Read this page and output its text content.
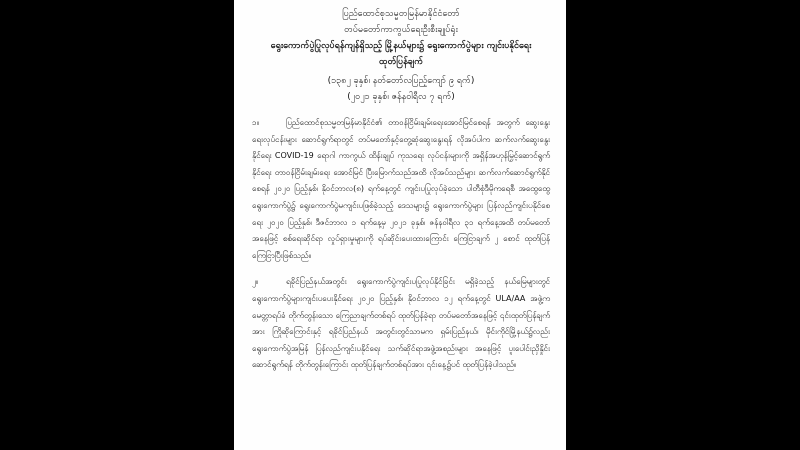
ပြည်ထောင်စုသမ္မတမြန်မာနိုင်ငံတော်

တပ်မတော်ကာကွယ်ရေးဦးစီးချုပ်ရုံး

ရွေးကောက်ပွဲပြုလုပ်ရန်ကျန်ရှိသည့် မြို့နယ်များ၌ ရွေးကောက်ပွဲများ ကျင်းပနိုင်ရေး

ထုတ်ပြန်ချက်

(၁၃၈၂ ခုနှစ်၊ နတ်တော်လပြည့်ကျော် ၉ ရက်)

(၂၀၂၁ ခုနှစ်၊ ဇန်နဝါရီလ ၇ ရက်)

၁။	ပြည်ထောင်စုသမ္မတမြန်မာနိုင်ငံ၏ တာဝန်ငြိမ်းချမ်းရေးအောင်မြင်စေရန် အတွက် ဆွေးနွေးရေးလုပ်ငန်းများ ဆောင်ရွက်ရာတွင် တပ်မတော်နှင့်တွေ့ဆုံဆွေးနွေးရန် လိုအပ်ပါက ဆက်လက်ဆွေးနွေးနိုင်ရေး COVID-19 ရောဂါ ကာကွယ် ထိန်းချုပ် ကုသရေး လုပ်ငန်းများကို အရှိန်အဟုန်မြှင့်ဆောင်ရွက်နိုင်ရေး တာဝန်ငြိမ်းချမ်းရေး အောင်မြင် ပြီးမြောက်သည်အထိ လိုအပ်သည်များ ဆက်လက်ဆောင်ရွက်နိုင်စေရန် ၂၀၂၀ ပြည့်နှစ်၊ နိုဝင်ဘာလ(၈) ရက်နေ့တွင် ကျင်းပပြုလုပ်ခဲ့သော ပါတီစုံဒီမိုကရေစီ အထွေထွေ ရွေးကောက်ပွဲ၌ ရွေးကောက်ပွဲမကျင်းပဖြစ်ခဲ့သည့် ဒေသများ၌ ရွေးကောက်ပွဲများ ပြန်လည်ကျင်းပနိုင်စေရေး ၂၀၂၀ ပြည့်နှစ်၊ ဒီဇင်ဘာလ ၁ ရက်နေ့မှ ၂၀၂၁ ခုနှစ်၊ ဇန်နဝါရီလ ၃၁ ရက်နေ့အထိ တပ်မတော်အနေဖြင့် စစ်ရေးဆိုင်ရာ လှုပ်ရှားမှုများကို ရပ်ဆိုင်းပေးထားကြောင်း ကြေငြာချက် ၂ စောင် ထုတ်ပြန်ကြေငြာပြီးဖြစ်သည်။
၂။	ရခိုင်ပြည်နယ်အတွင်း ရွေးကောက်ပွဲကျင်းပပြုလုပ်နိုင်ခြင်း မရှိခဲ့သည့် နယ်မြေများတွင် ရွေးကောက်ပွဲများကျင်းပပေးနိုင်ရေး ၂၀၂၀ ပြည့်နှစ်၊ နိုဝင်ဘာလ ၁၂ ရက်နေ့တွင် ULA/AA အဖွဲ့က မေတ္တာရပ်ခံ တိုက်တွန်းသော ကြေညာချက်တစ်ရပ် ထုတ်ပြန်ခဲ့ရာ တပ်မတော်အနေဖြင့် ၎င်းထုတ်ပြန်ချက်အား ကြိုဆိုကြောင်းနှင့် ရခိုင်ပြည်နယ် အတွင်းတွင်သာမက ရှမ်းပြည်နယ်၊ မိုင်းကိုင်မြို့နယ်၌လည်း ရွေးကောက်ပွဲအမြန် ပြန်လည်ကျင်းပနိုင်ရေး သက်ဆိုင်ရာအဖွဲ့အစည်းများ အနေဖြင့် ပူးပေါင်းညှိနှိုင်း ဆောင်ရွက်ရန် တိုက်တွန်းကြောင်း ထုတ်ပြန်ချက်တစ်ရပ်အား ၎င်းနေ့၌ပင် ထုတ်ပြန်ခဲ့ပါသည်။
